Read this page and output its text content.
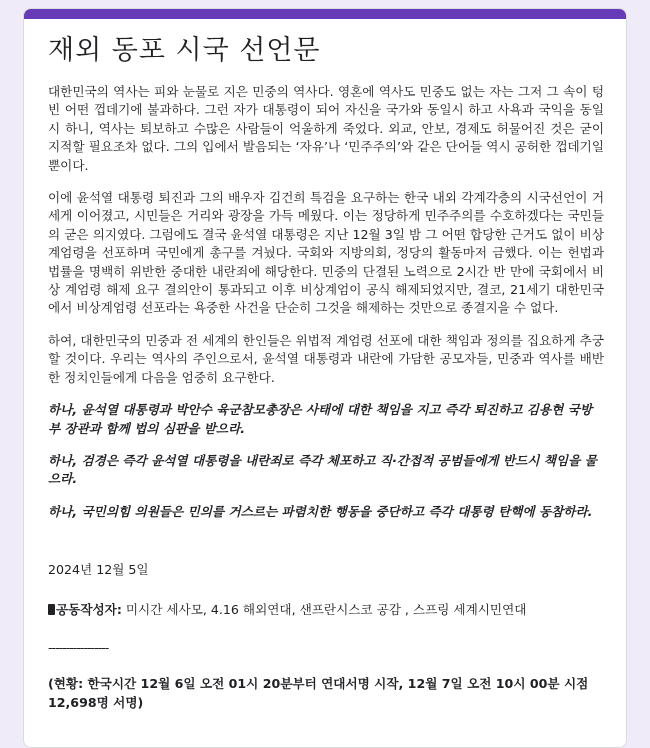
재외 동포 시국 선언문

대한민국의 역사는 피와 눈물로 지은 민중의 역사다. 영혼에 역사도 민중도 없는 자는 그저 그 속이 텅 빈 어떤 껍데기에 불과하다. 그런 자가 대통령이 되어 자신을 국가와 동일시 하고 사욕과 국익을 동일시 하니, 역사는 퇴보하고 수많은 사람들이 억울하게 죽었다. 외교, 안보, 경제도 허물어진 것은 굳이 지적할 필요조차 없다. 그의 입에서 발음되는 ‘자유’나 ‘민주주의’와 같은 단어들 역시 공허한 껍데기일 뿐이다.

이에 윤석열 대통령 퇴진과 그의 배우자 김건희 특검을 요구하는 한국 내외 각계각층의 시국선언이 거세게 이어졌고, 시민들은 거리와 광장을 가득 메웠다. 이는 정당하게 민주주의를 수호하겠다는 국민들의 굳은 의지였다. 그럼에도 결국 윤석열 대통령은 지난 12월 3일 밤 그 어떤 합당한 근거도 없이 비상계엄령을 선포하며 국민에게 총구를 겨눴다. 국회와 지방의회, 정당의 활동마저 금했다. 이는 헌법과 법률을 명백히 위반한 중대한 내란죄에 해당한다. 민중의 단결된 노력으로 2시간 반 만에 국회에서 비상 계엄령 해제 요구 결의안이 통과되고 이후 비상계엄이 공식 해제되었지만, 결코, 21세기 대한민국에서 비상계엄령 선포라는 욕중한 사건을 단순히 그것을 해제하는 것만으로 종결지을 수 없다.

하여, 대한민국의 민중과 전 세계의 한인들은 위법적 계엄령 선포에 대한 책임과 정의를 집요하게 추궁할 것이다. 우리는 역사의 주인으로서, 윤석열 대통령과 내란에 가담한 공모자들, 민중과 역사를 배반한 정치인들에게 다음을 엄중히 요구한다.

하나, 윤석열 대통령과 박안수 육군참모총장은 사태에 대한 책임을 지고 즉각 퇴진하고 김용현 국방부 장관과 함께 법의 심판을 받으라.

하나, 검경은 즉각 윤석열 대통령을 내란죄로 즉각 체포하고 직·간접적 공범들에게 반드시 책임을 물으라.

하나, 국민의힘 의원들은 민의를 거스르는 파렴치한 행동을 중단하고 즉각 대통령 탄핵에 동참하라.

2024년 12월 5일
공동작성자: 미시간 세사모, 4.16 해외연대, 샌프란시스코 공감 , 스프링 세계시민연대
-----------------

(현황: 한국시간 12월 6일 오전 01시 20분부터 연대서명 시작, 12월 7일 오전 10시 00분 시점 12,698명 서명)
